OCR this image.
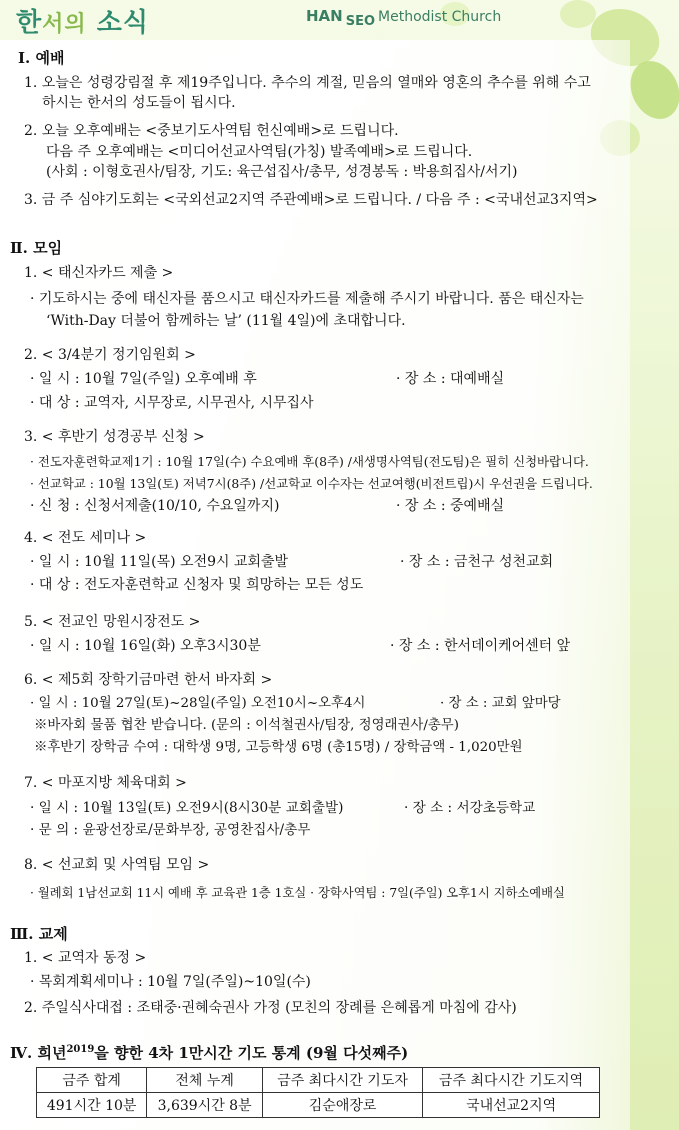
한서의 소식	HAN SEO Methodist Church
Ⅰ. 예배
1. 오늘은 성령강림절 후 제19주입니다. 추수의 계절, 믿음의 열매와 영혼의 추수를 위해 수고
하시는 한서의 성도들이 됩시다.
2. 오늘 오후예배는 <중보기도사역팀 헌신예배>로 드립니다.
다음 주 오후예배는 <미디어선교사역팀(가칭) 발족예배>로 드립니다.
(사회 : 이형호권사/팀장, 기도: 육근섭집사/총무, 성경봉독 : 박용희집사/서기)
3. 금 주 심야기도회는 <국외선교2지역 주관예배>로 드립니다. / 다음 주 : <국내선교3지역>
Ⅱ. 모임
1. < 태신자카드 제출 >
· 기도하시는 중에 태신자를 품으시고 태신자카드를 제출해 주시기 바랍니다. 품은 태신자는
‘With-Day 더불어 함께하는 날’ (11월 4일)에 초대합니다.
2. < 3/4분기 정기임원회 >
· 일 시 : 10월 7일(주일) 오후예배 후	· 장 소 : 대예배실
· 대 상 : 교역자, 시무장로, 시무권사, 시무집사
3. < 후반기 성경공부 신청 >
· 전도자훈련학교제1기 : 10월 17일(수) 수요예배 후(8주) /새생명사역팀(전도팀)은 필히 신청바랍니다.
· 선교학교 : 10월 13일(토) 저녁7시(8주) /선교학교 이수자는 선교여행(비전트립)시 우선권을 드립니다.
· 신 청 : 신청서제출(10/10, 수요일까지)	· 장 소 : 중예배실
4. < 전도 세미나 >
· 일 시 : 10월 11일(목) 오전9시 교회출발	· 장 소 : 금천구 성천교회
· 대 상 : 전도자훈련학교 신청자 및 희망하는 모든 성도
5. < 전교인 망원시장전도 >
· 일 시 : 10월 16일(화) 오후3시30분	· 장 소 : 한서데이케어센터 앞
6. < 제5회 장학기금마련 한서 바자회 >
· 일 시 : 10월 27일(토)~28일(주일) 오전10시~오후4시	· 장 소 : 교회 앞마당
※바자회 물품 협찬 받습니다. (문의 : 이석철권사/팀장, 정영래권사/총무)
※후반기 장학금 수여 : 대학생 9명, 고등학생 6명 (총15명) / 장학금액 - 1,020만원
7. < 마포지방 체육대회 >
· 일 시 : 10월 13일(토) 오전9시(8시30분 교회출발)	· 장 소 : 서강초등학교
· 문 의 : 윤광선장로/문화부장, 공영찬집사/총무
8. < 선교회 및 사역팀 모임 >
· 월례회 1남선교회 11시 예배 후 교육관 1층 1호실 · 장학사역팀 : 7일(주일) 오후1시 지하소예배실
Ⅲ. 교제
1. < 교역자 동정 >
· 목회계획세미나 : 10월 7일(주일)~10일(수)
2. 주일식사대접 : 조태중·권혜숙권사 가정 (모친의 장례를 은혜롭게 마침에 감사)
Ⅳ. 희년$^{2019}$을 향한 4차 1만시간 기도 통계 (9월 다섯째주)
금주 합계	전체 누계	금주 최다시간 기도자	금주 최다시간 기도지역
491시간 10분	3,639시간 8분	김순애장로	국내선교2지역
